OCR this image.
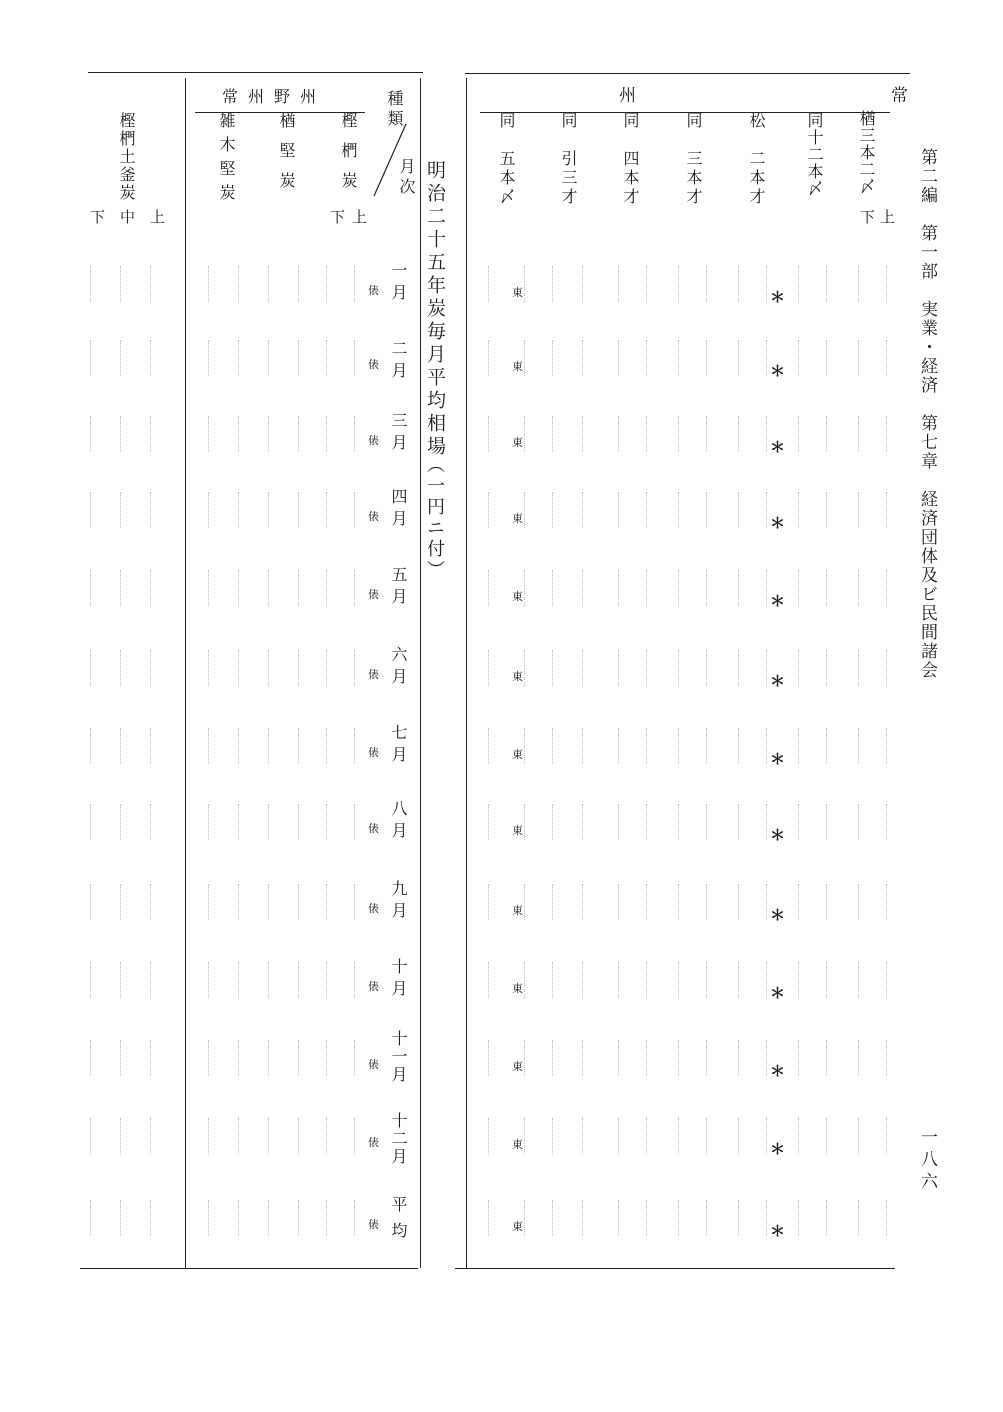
第二編　第一部　実業・経済　第七章　経済団体及ビ民間諸会
一八六
明治二十五年炭毎月平均相場
（一円ニ付）
種類
月次
常
州
常州野州
楢三本二〆
同十二本〆
松　二本才
同　三本才
同　四本才
同　引三才
同　五本〆
樫椚炭
楢堅炭
雑木堅炭
樫椚土釜炭
上
下
上
下
上
中
下
一月
二月
三月
四月
五月
六月
七月
八月
九月
十月
十一月
十二月
平均
＊
東
俵
＊
東
俵
＊
東
俵
＊
東
俵
＊
東
俵
＊
東
俵
＊
東
俵
＊
東
俵
＊
東
俵
＊
東
俵
＊
東
俵
＊
東
俵
＊
東
俵
